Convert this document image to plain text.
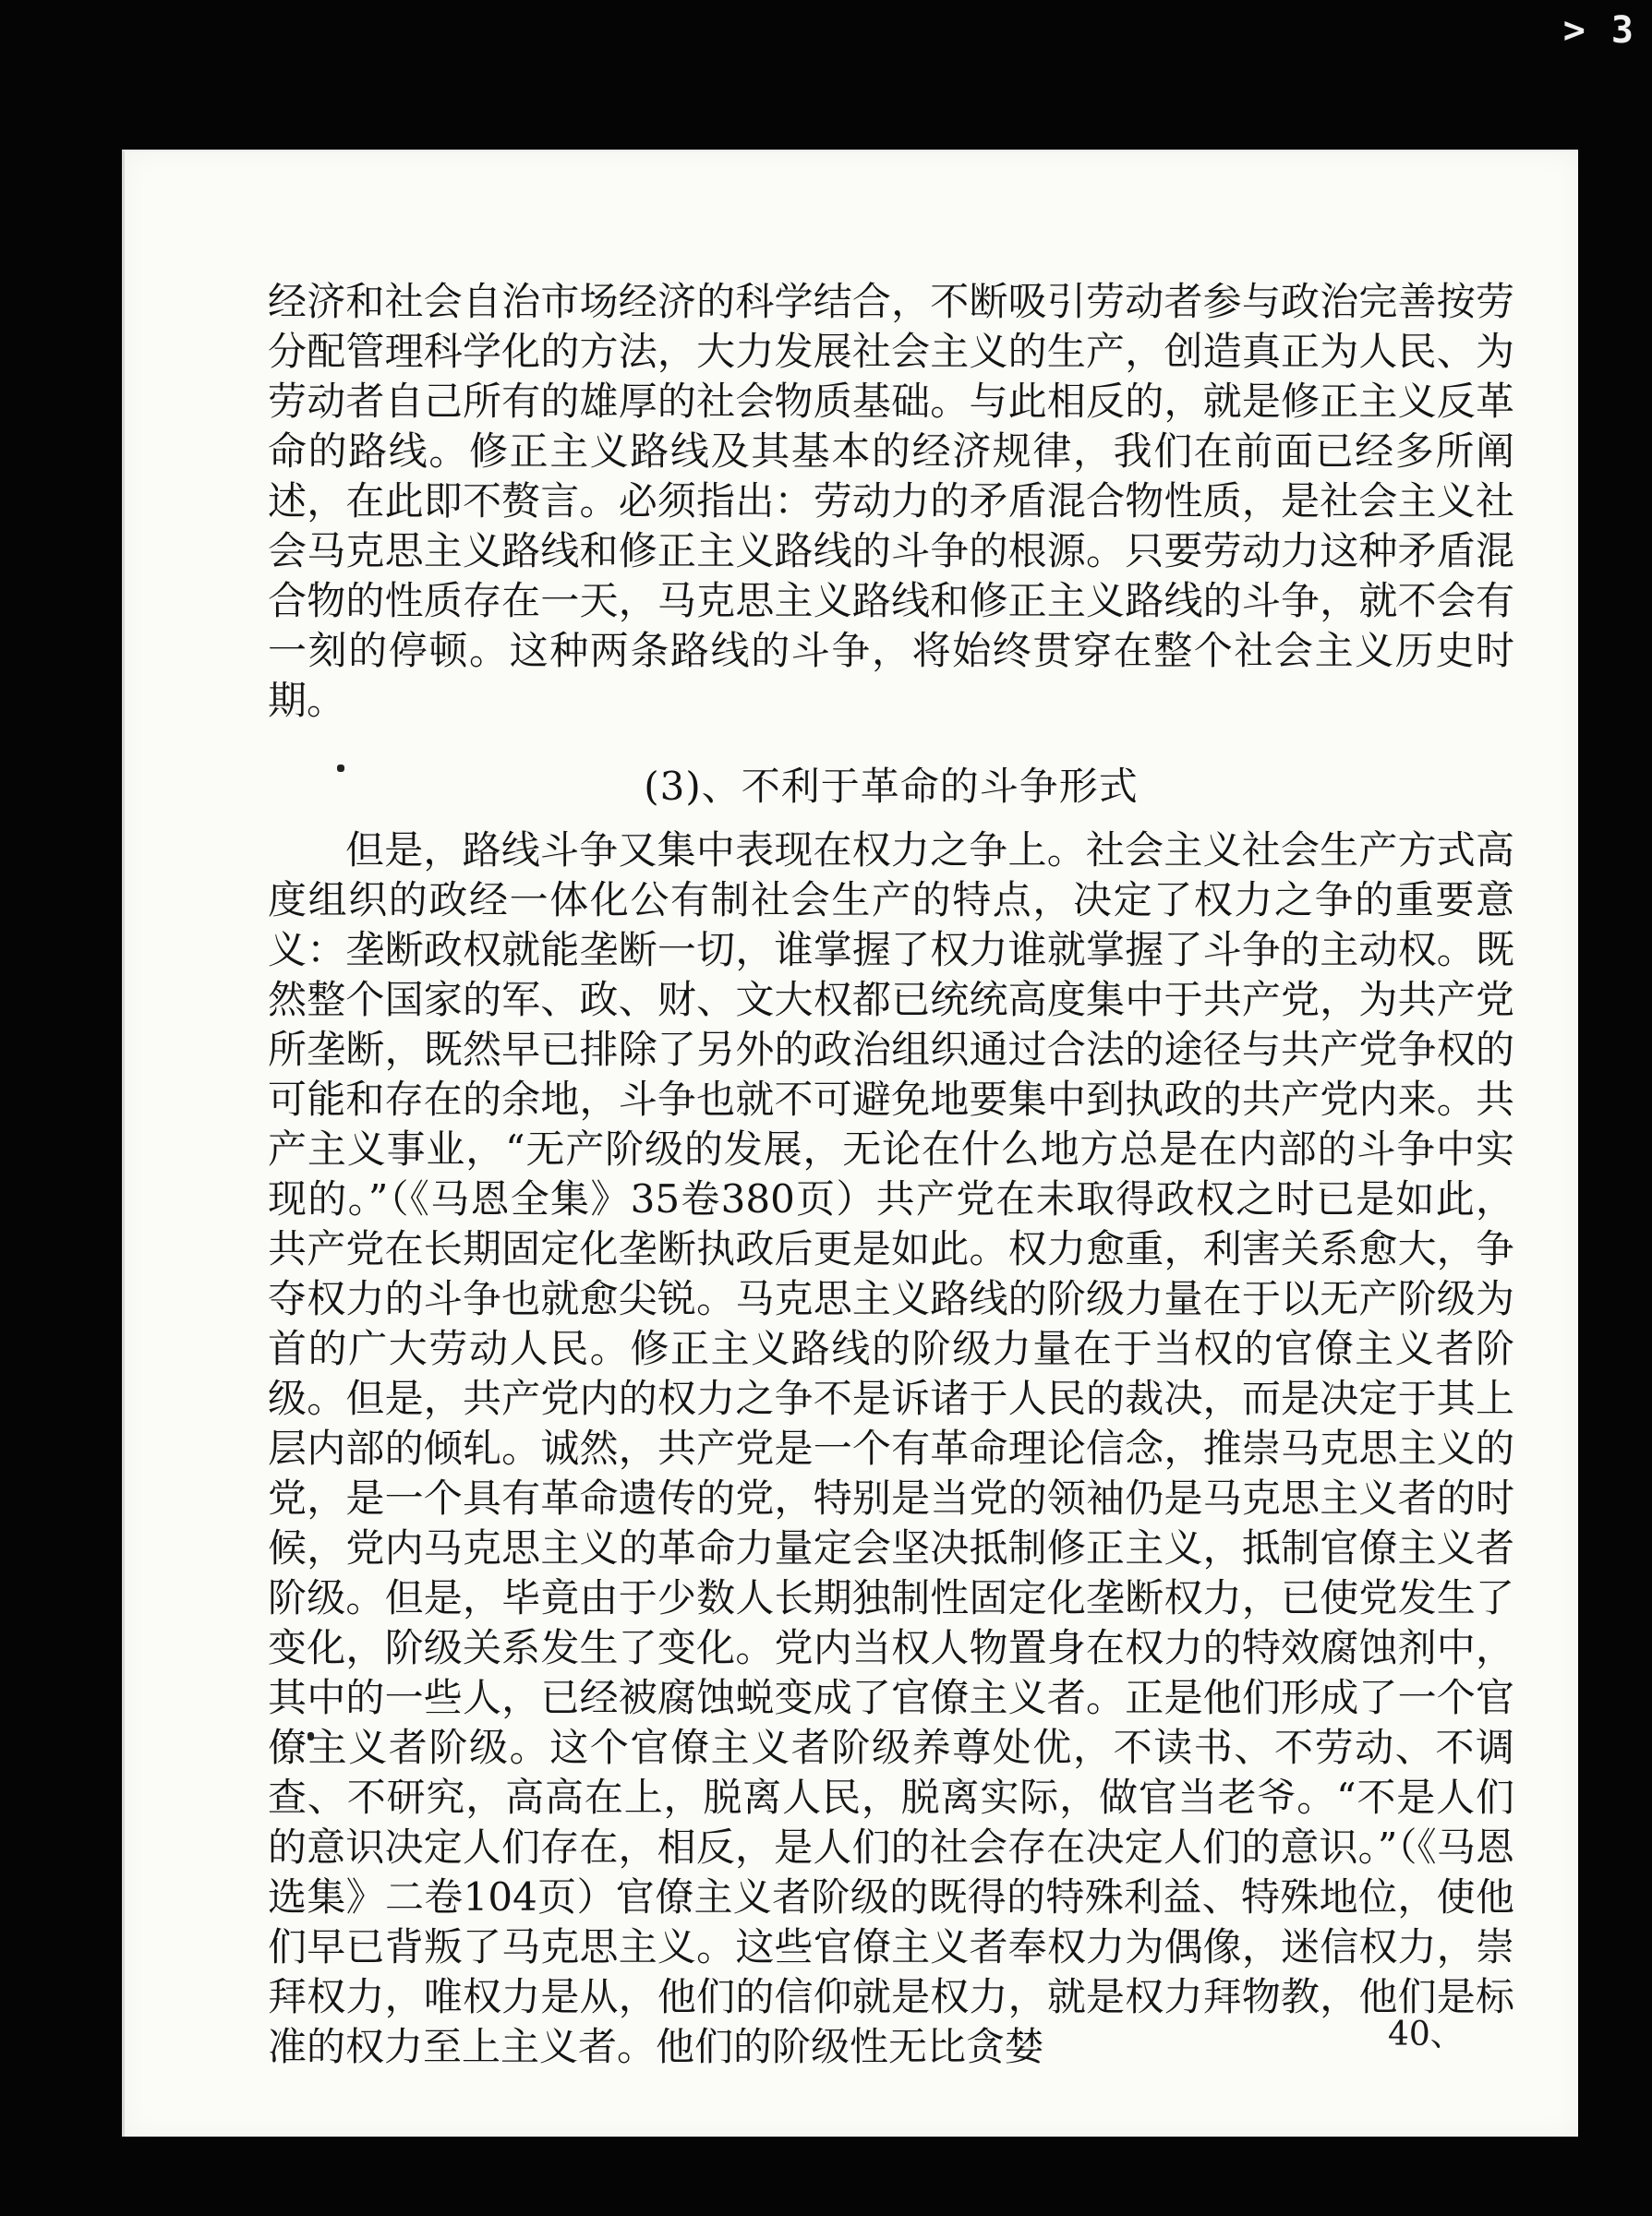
> 3

经济和社会自治市场经济的科学结合，不断吸引劳动者参与政治完善按劳分配管理科学化的方法，大力发展社会主义的生产，创造真正为人民、为劳动者自己所有的雄厚的社会物质基础。与此相反的，就是修正主义反革命的路线。修正主义路线及其基本的经济规律，我们在前面已经多所阐述，在此即不赘言。必须指出：劳动力的矛盾混合物性质，是社会主义社会马克思主义路线和修正主义路线的斗争的根源。只要劳动力这种矛盾混合物的性质存在一天，马克思主义路线和修正主义路线的斗争，就不会有一刻的停顿。这种两条路线的斗争，将始终贯穿在整个社会主义历史时期。

(3)、不利于革命的斗争形式

但是，路线斗争又集中表现在权力之争上。社会主义社会生产方式高度组织的政经一体化公有制社会生产的特点，决定了权力之争的重要意义：垄断政权就能垄断一切，谁掌握了权力谁就掌握了斗争的主动权。既然整个国家的军、政、财、文大权都已统统高度集中于共产党，为共产党所垄断，既然早已排除了另外的政治组织通过合法的途径与共产党争权的可能和存在的余地，斗争也就不可避免地要集中到执政的共产党内来。共产主义事业，“无产阶级的发展，无论在什么地方总是在内部的斗争中实现的。”（《马恩全集》35卷380页）共产党在未取得政权之时已是如此，共产党在长期固定化垄断执政后更是如此。权力愈重，利害关系愈大，争夺权力的斗争也就愈尖锐。马克思主义路线的阶级力量在于以无产阶级为首的广大劳动人民。修正主义路线的阶级力量在于当权的官僚主义者阶级。但是，共产党内的权力之争不是诉诸于人民的裁决，而是决定于其上层内部的倾轧。诚然，共产党是一个有革命理论信念，推崇马克思主义的党，是一个具有革命遗传的党，特别是当党的领袖仍是马克思主义者的时候，党内马克思主义的革命力量定会坚决抵制修正主义，抵制官僚主义者阶级。但是，毕竟由于少数人长期独制性固定化垄断权力，已使党发生了变化，阶级关系发生了变化。党内当权人物置身在权力的特效腐蚀剂中，其中的一些人，已经被腐蚀蜕变成了官僚主义者。正是他们形成了一个官僚主义者阶级。这个官僚主义者阶级养尊处优，不读书、不劳动、不调查、不研究，高高在上，脱离人民，脱离实际，做官当老爷。“不是人们的意识决定人们存在，相反，是人们的社会存在决定人们的意识。”（《马恩选集》二卷104页）官僚主义者阶级的既得的特殊利益、特殊地位，使他们早已背叛了马克思主义。这些官僚主义者奉权力为偶像，迷信权力，崇拜权力，唯权力是从，他们的信仰就是权力，就是权力拜物教，他们是标准的权力至上主义者。他们的阶级性无比贪婪	40、
